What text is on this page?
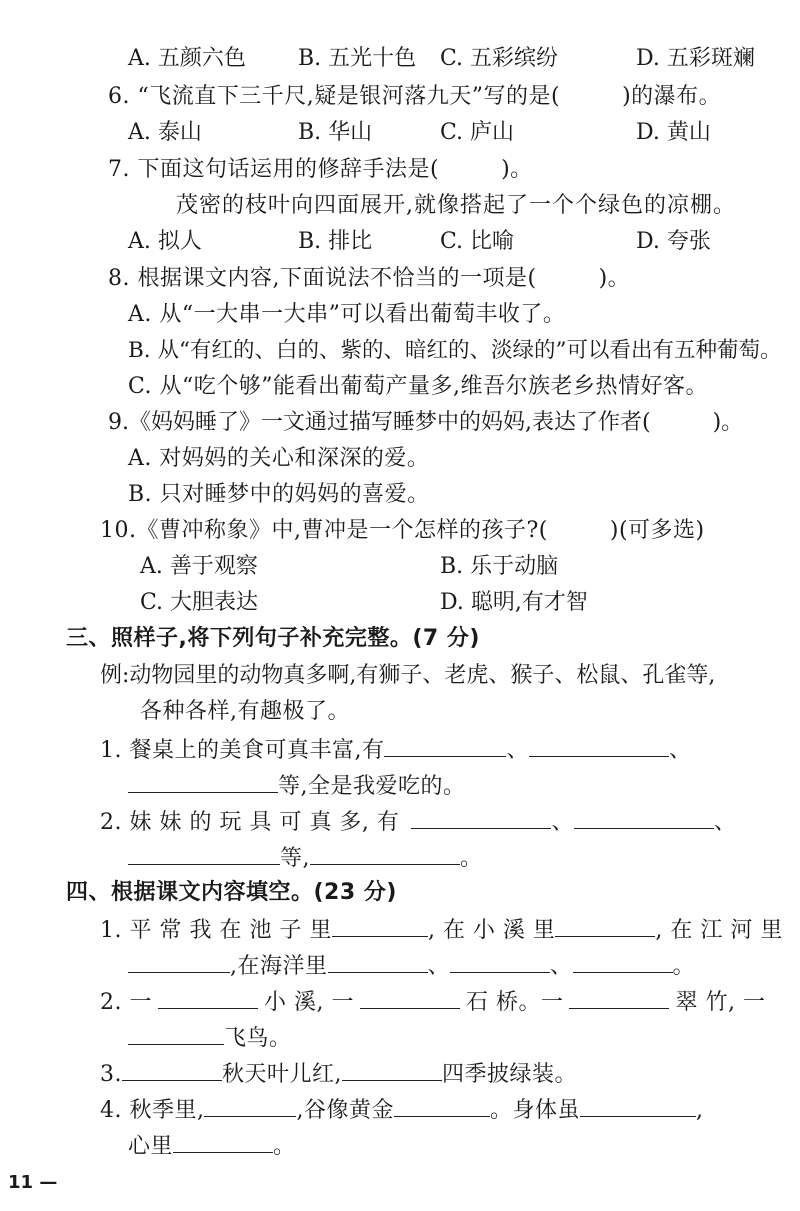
A. 五颜六色 B. 五光十色 C. 五彩缤纷	D. 五彩斑斓
6. “飞流直下三千尺,疑是银河落九天”写的是(	)的瀑布。
A. 泰山	B. 华山	C. 庐山	D. 黄山
7. 下面这句话运用的修辞手法是(	)。
茂密的枝叶向四面展开,就像搭起了一个个绿色的凉棚。
A. 拟人	B. 排比	C. 比喻	D. 夸张
8. 根据课文内容,下面说法不恰当的一项是(	)。
A. 从“一大串一大串”可以看出葡萄丰收了。
B. 从“有红的、白的、紫的、暗红的、淡绿的”可以看出有五种葡萄。
C. 从“吃个够”能看出葡萄产量多,维吾尔族老乡热情好客。
9.《妈妈睡了》一文通过描写睡梦中的妈妈,表达了作者(	)。
A. 对妈妈的关心和深深的爱。
B. 只对睡梦中的妈妈的喜爱。
10.《曹冲称象》中,曹冲是一个怎样的孩子?(	)(可多选)
A. 善于观察	B. 乐于动脑
C. 大胆表达	D. 聪明,有才智
三、照样子,将下列句子补充完整。(7 分)
例:动物园里的动物真多啊,有狮子、老虎、猴子、松鼠、孔雀等,
各种各样,有趣极了。
1. 餐桌上的美食可真丰富,有	、	、
等,全是我爱吃的。
2. 妹 妹 的 玩 具 可 真 多, 有	、	、
等,	。
四、根据课文内容填空。(23 分)
1. 平 常 我 在 池 子 里	, 在 小 溪 里	, 在 江 河 里
,在海洋里	、	、	。
2. 一	小 溪, 一	石 桥。一	翠 竹, 一
飞鸟。
3.	秋天叶儿红,	四季披绿装。
4. 秋季里,	,谷像黄金	。身体虽	,
心里	。
11 —
